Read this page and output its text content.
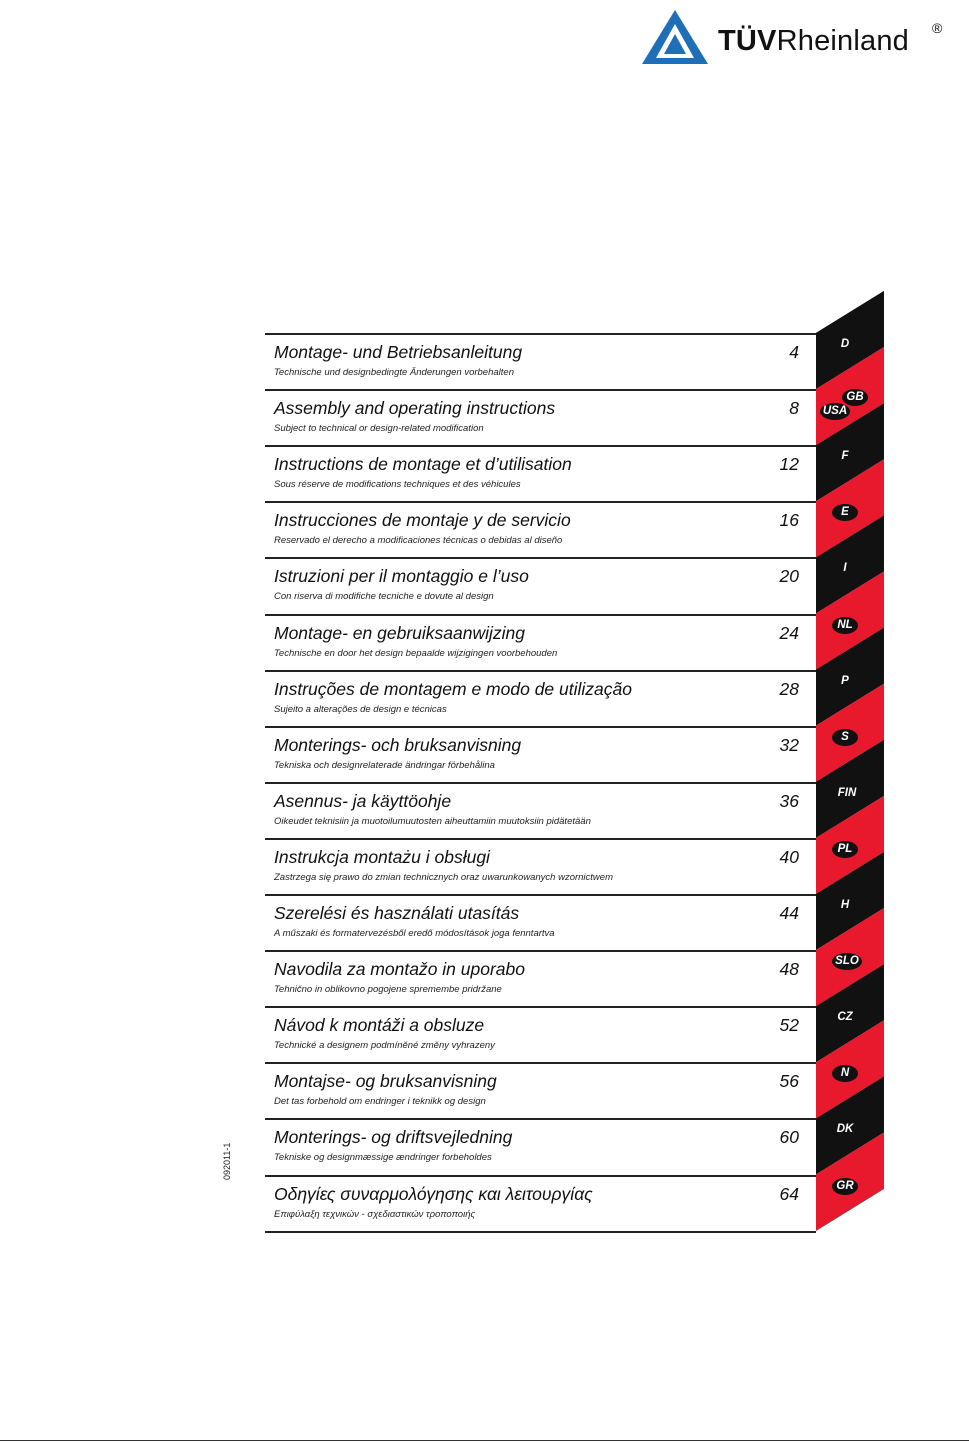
TÜVRheinland ®
Montage- und Betriebsanleitung
Technische und designbedingte Änderungen vorbehalten
4
Assembly and operating instructions
Subject to technical or design-related modification
8
Instructions de montage et d’utilisation
Sous réserve de modifications techniques et des véhicules
12
Instrucciones de montaje y de servicio
Reservado el derecho a modificaciones técnicas o debidas al diseño
16
Istruzioni per il montaggio e l’uso
Con riserva di modifiche tecniche e dovute al design
20
Montage- en gebruiksaanwijzing
Technische en door het design bepaalde wijzigingen voorbehouden
24
Instruções de montagem e modo de utilização
Sujeito a alterações de design e técnicas
28
Monterings- och bruksanvisning
Tekniska och designrelaterade ändringar förbehålina
32
Asennus- ja käyttöohje
Oikeudet teknisiin ja muotoilumuutosten aiheuttamiin muutoksiin pidätetään
36
Instrukcja montażu i obsługi
Zastrzega się prawo do zmian technicznych oraz uwarunkowanych wzornictwem
40
Szerelési és használati utasítás
A műszaki és formatervezésből eredő módosítások joga fenntartva
44
Navodila za montažo in uporabo
Tehnično in oblikovno pogojene spremembe pridržane
48
Návod k montáži a obsluze
Technické a designem podmíněné změny vyhrazeny
52
Montajse- og bruksanvisning
Det tas forbehold om endringer i teknikk og design
56
Monterings- og driftsvejledning
Tekniske og designmæssige ændringer forbeholdes
60
Οδηγίες συναρμολόγησης και λειτουργίας
Επιφύλαξη τεχνικών - σχεδιαστικών τροποποιής
64
D
GB
USA
F
E
I
NL
P
S
FIN
PL
H
SLO
CZ
N
DK
GR
092011-1
